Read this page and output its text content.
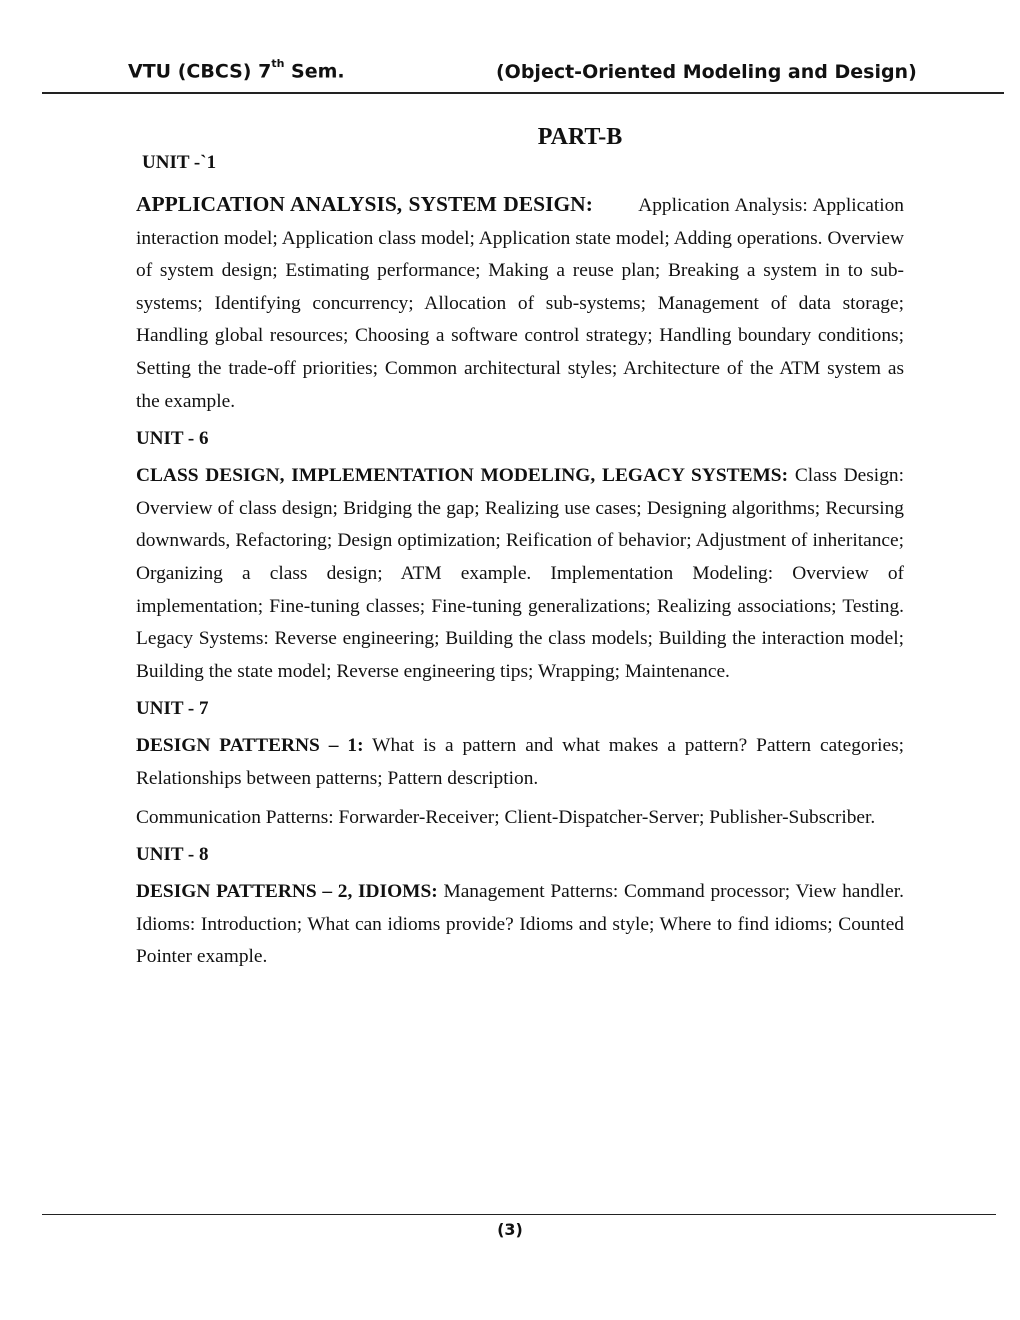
VTU (CBCS) 7th Sem.	(Object-Oriented Modeling and Design)
PART-B
UNIT -`1

APPLICATION ANALYSIS, SYSTEM DESIGN: Application Analysis: Application interaction model; Application class model; Application state model; Adding operations. Overview of system design; Estimating performance; Making a reuse plan; Breaking a system in to sub-systems; Identifying concurrency; Allocation of sub-systems; Management of data storage; Handling global resources; Choosing a software control strategy; Handling boundary conditions; Setting the trade-off priorities; Common architectural styles; Architecture of the ATM system as the example.

UNIT - 6

CLASS DESIGN, IMPLEMENTATION MODELING, LEGACY SYSTEMS: Class Design: Overview of class design; Bridging the gap; Realizing use cases; Designing algorithms; Recursing downwards, Refactoring; Design optimization; Reification of behavior; Adjustment of inheritance; Organizing a class design; ATM example. Implementation Modeling: Overview of implementation; Fine-tuning classes; Fine-tuning generalizations; Realizing associations; Testing. Legacy Systems: Reverse engineering; Building the class models; Building the interaction model; Building the state model; Reverse engineering tips; Wrapping; Maintenance.

UNIT - 7

DESIGN PATTERNS – 1: What is a pattern and what makes a pattern? Pattern categories; Relationships between patterns; Pattern description.

Communication Patterns: Forwarder-Receiver; Client-Dispatcher-Server; Publisher-Subscriber.

UNIT - 8

DESIGN PATTERNS – 2, IDIOMS: Management Patterns: Command processor; View handler. Idioms: Introduction; What can idioms provide? Idioms and style; Where to find idioms; Counted Pointer example.

(3)
